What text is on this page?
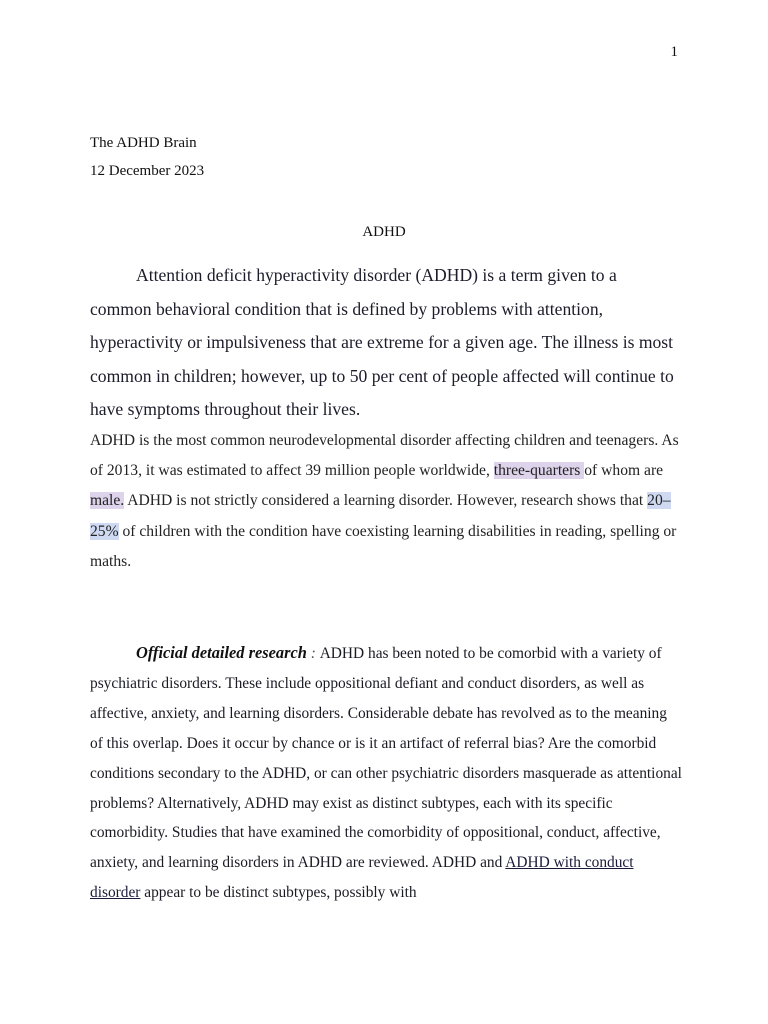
1
The ADHD Brain
12 December 2023
ADHD

Attention deficit hyperactivity disorder (ADHD) is a term given to a common behavioral condition that is defined by problems with attention, hyperactivity or impulsiveness that are extreme for a given age. The illness is most common in children; however, up to 50 per cent of people affected will continue to have symptoms throughout their lives.

ADHD is the most common neurodevelopmental disorder affecting children and teenagers. As of 2013, it was estimated to affect 39 million people worldwide, three-quarters of whom are male. ADHD is not strictly considered a learning disorder. However, research shows that 20–25% of children with the condition have coexisting learning disabilities in reading, spelling or maths.

Official detailed research : ADHD has been noted to be comorbid with a variety of psychiatric disorders. These include oppositional defiant and conduct disorders, as well as affective, anxiety, and learning disorders. Considerable debate has revolved as to the meaning of this overlap. Does it occur by chance or is it an artifact of referral bias? Are the comorbid conditions secondary to the ADHD, or can other psychiatric disorders masquerade as attentional problems? Alternatively, ADHD may exist as distinct subtypes, each with its specific comorbidity. Studies that have examined the comorbidity of oppositional, conduct, affective, anxiety, and learning disorders in ADHD are reviewed. ADHD and ADHD with conduct disorder appear to be distinct subtypes, possibly with
